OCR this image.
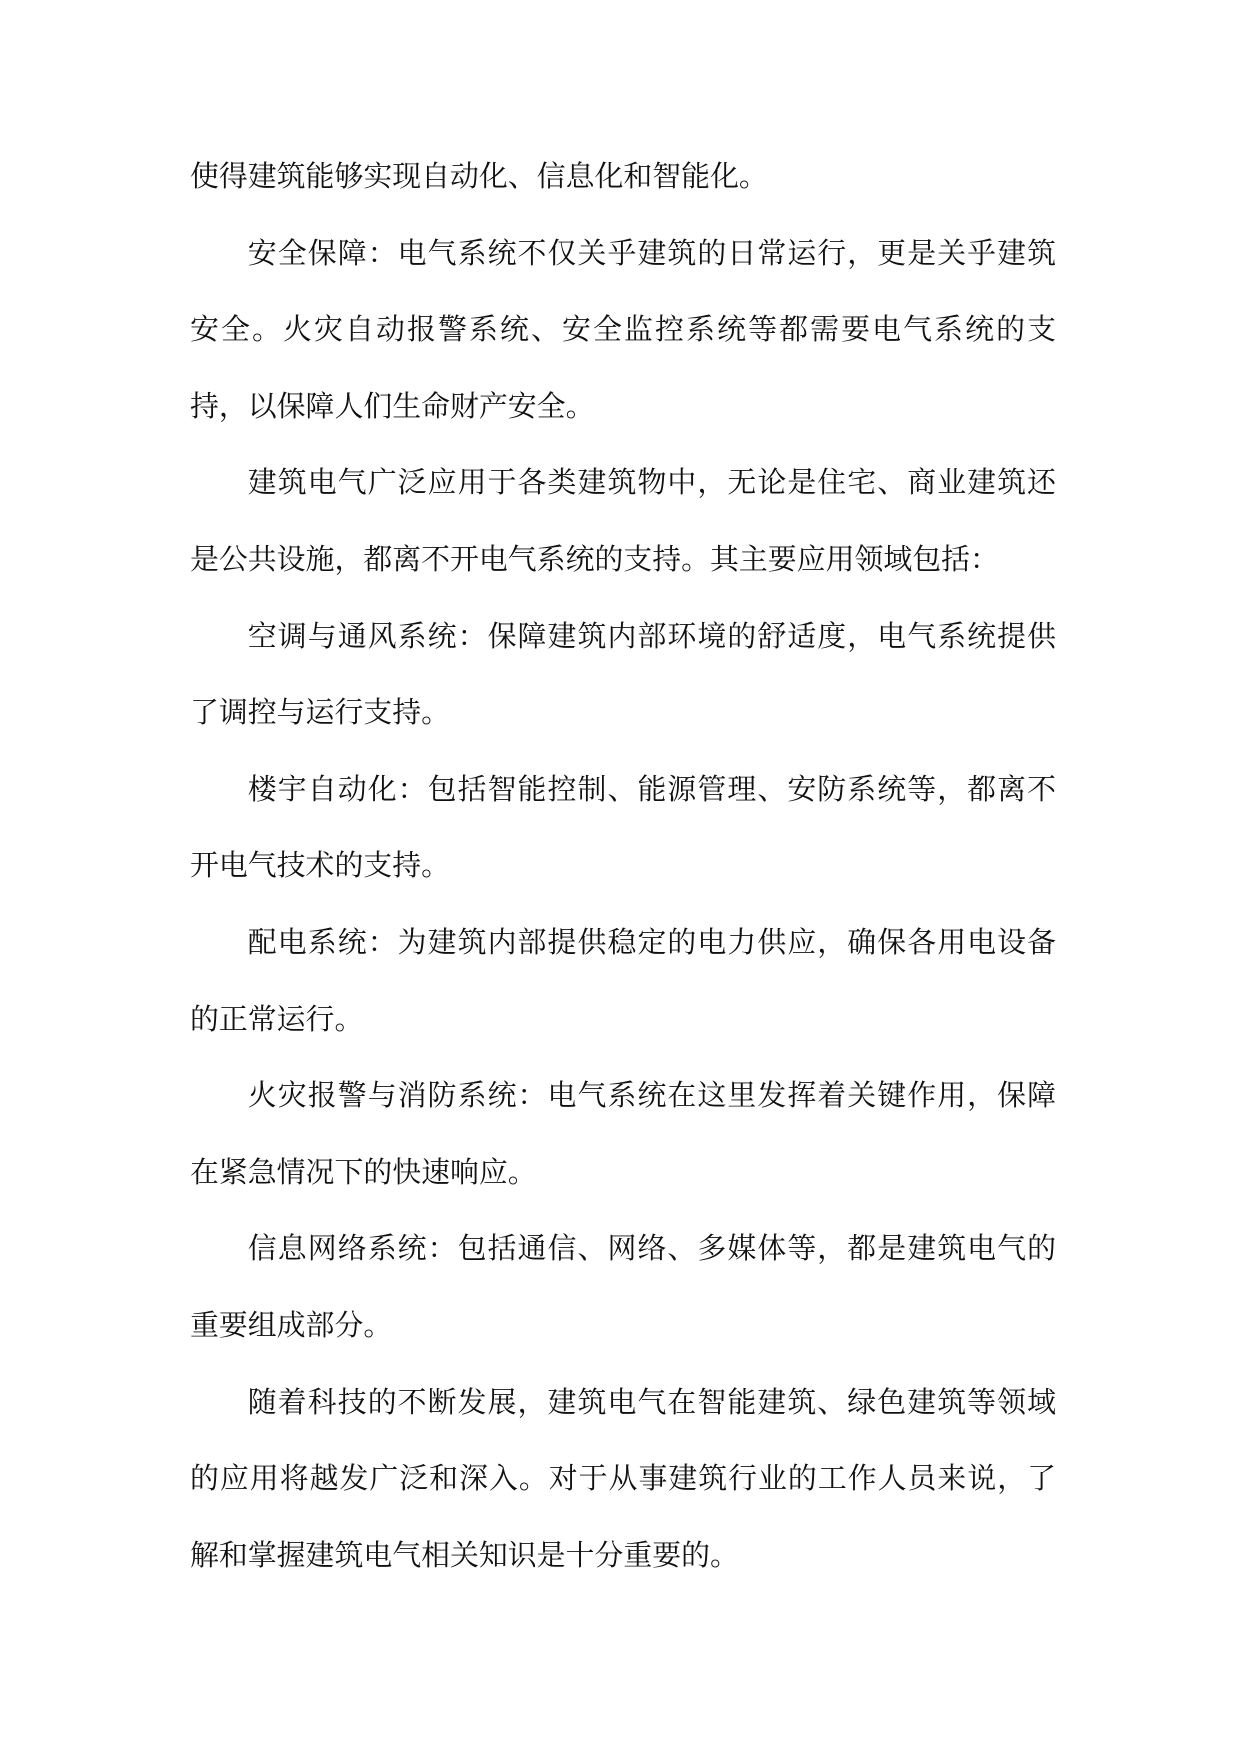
使得建筑能够实现自动化、信息化和智能化。

安全保障：电气系统不仅关乎建筑的日常运行，更是关乎建筑安全。火灾自动报警系统、安全监控系统等都需要电气系统的支持，以保障人们生命财产安全。

建筑电气广泛应用于各类建筑物中，无论是住宅、商业建筑还是公共设施，都离不开电气系统的支持。其主要应用领域包括：

空调与通风系统：保障建筑内部环境的舒适度，电气系统提供了调控与运行支持。

楼宇自动化：包括智能控制、能源管理、安防系统等，都离不开电气技术的支持。

配电系统：为建筑内部提供稳定的电力供应，确保各用电设备的正常运行。

火灾报警与消防系统：电气系统在这里发挥着关键作用，保障在紧急情况下的快速响应。

信息网络系统：包括通信、网络、多媒体等，都是建筑电气的重要组成部分。

随着科技的不断发展，建筑电气在智能建筑、绿色建筑等领域的应用将越发广泛和深入。对于从事建筑行业的工作人员来说，了解和掌握建筑电气相关知识是十分重要的。
